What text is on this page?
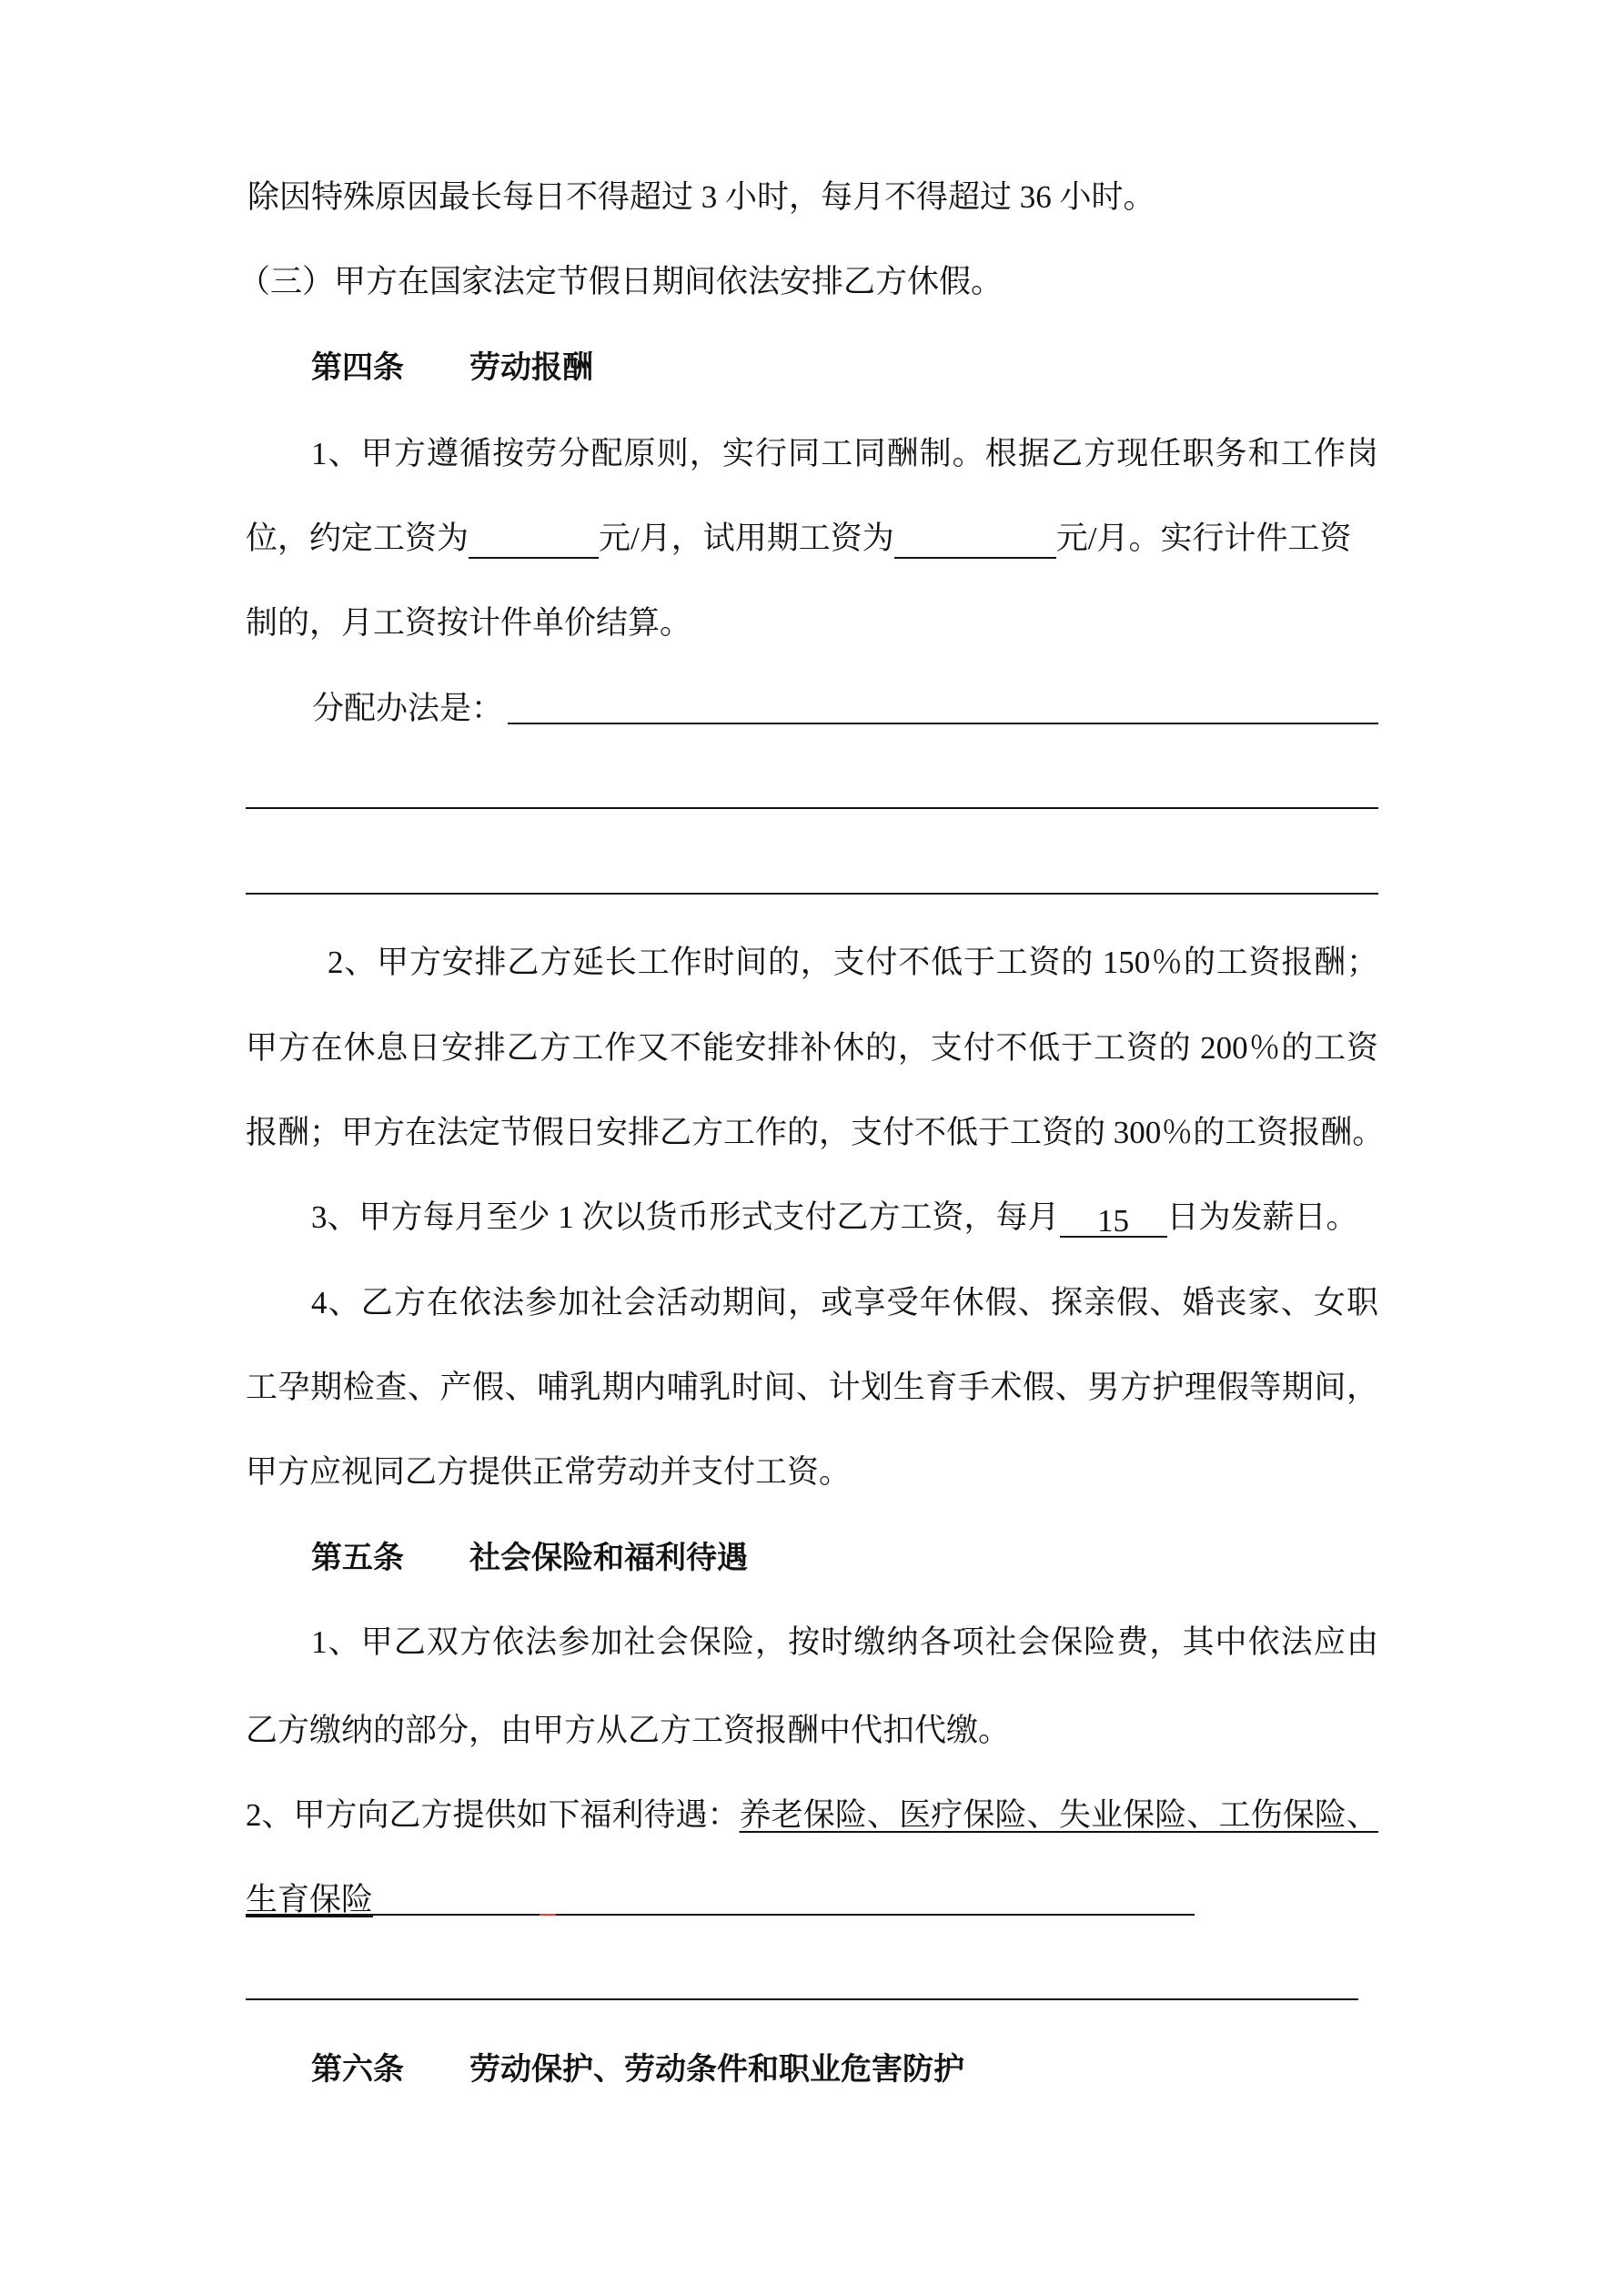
除因特殊原因最长每日不得超过 3 小时，每月不得超过 36 小时。
（三）甲方在国家法定节假日期间依法安排乙方休假。
第四条 劳动报酬
1、甲方遵循按劳分配原则，实行同工同酬制。根据乙方现任职务和工作岗
位，约定工资为	元/月，试用期工资为	元/月。实行计件工资
制的，月工资按计件单价结算。
分配办法是：
2、甲方安排乙方延长工作时间的，支付不低于工资的 150％的工资报酬；
甲方在休息日安排乙方工作又不能安排补休的，支付不低于工资的 200％的工资
报酬；甲方在法定节假日安排乙方工作的，支付不低于工资的 300％的工资报酬。
3、甲方每月至少 1 次以货币形式支付乙方工资，每月 15 日为发薪日。
4、乙方在依法参加社会活动期间，或享受年休假、探亲假、婚丧家、女职
工孕期检查、产假、哺乳期内哺乳时间、计划生育手术假、男方护理假等期间，
甲方应视同乙方提供正常劳动并支付工资。
第五条 社会保险和福利待遇
1、甲乙双方依法参加社会保险，按时缴纳各项社会保险费，其中依法应由
乙方缴纳的部分，由甲方从乙方工资报酬中代扣代缴。
2、甲方向乙方提供如下福利待遇： 养老保险、医疗保险、失业保险、工伤保险、
生育保险
第六条 劳动保护、劳动条件和职业危害防护
